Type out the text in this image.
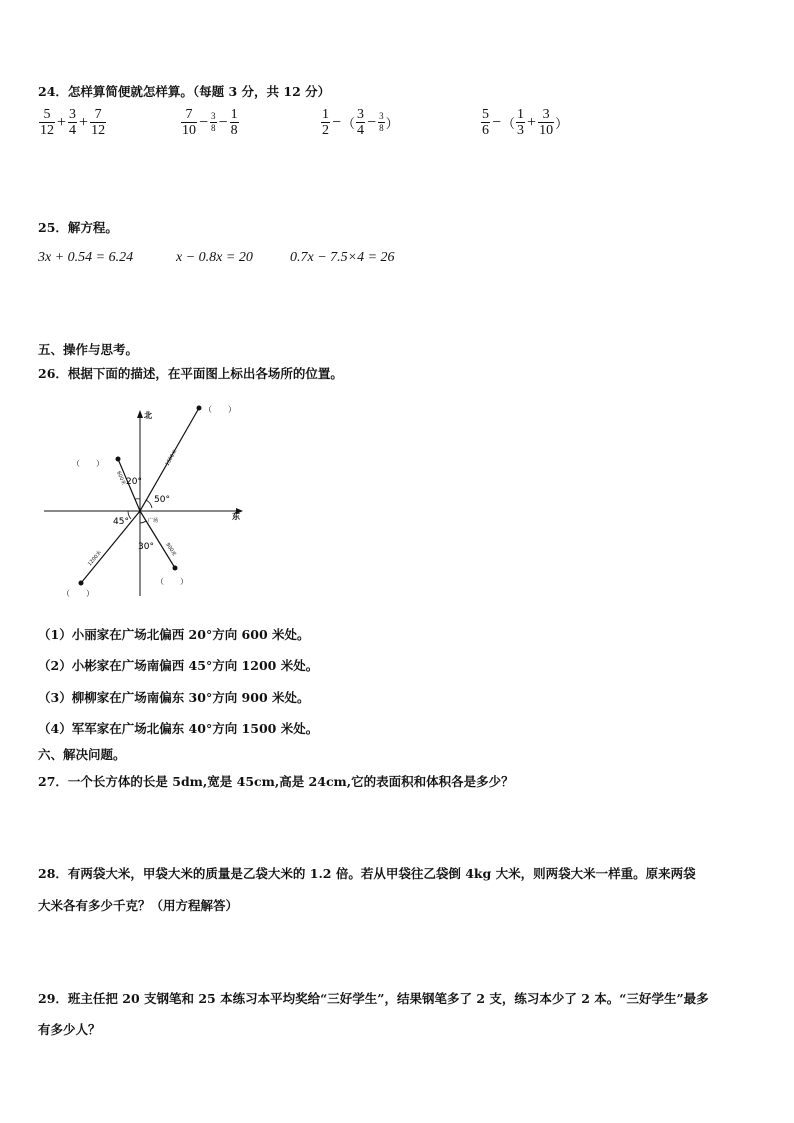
24．怎样算简便就怎样算。（每题 3 分，共 12 分）
$\frac{5}{12} + \frac{3}{4} + \frac{7}{12}$	$\frac{7}{10} - \frac{3}{8} - \frac{1}{8}$	$\frac{1}{2}$ − （ $\frac{3}{4} - \frac{3}{8}$ ）	$\frac{5}{6}$ − （ $\frac{1}{3} + \frac{3}{10}$ ）
25．解方程。
3x + 0.54 = 6.24	x − 0.8x = 20	0.7x − 7.5×4 = 26
五、操作与思考。
26．根据下面的描述，在平面图上标出各场所的位置。
北
东
20°
50°
45°
30°
广场
600米
1500米
1200米
900米
（　　）
（　　）
（　　）
（　　）
（1）小丽家在广场北偏西 20°方向 600 米处。
（2）小彬家在广场南偏西 45°方向 1200 米处。
（3）柳柳家在广场南偏东 30°方向 900 米处。
（4）军军家在广场北偏东 40°方向 1500 米处。
六、解决问题。
27．一个长方体的长是 5dm,宽是 45cm,高是 24cm,它的表面积和体积各是多少？
28．有两袋大米，甲袋大米的质量是乙袋大米的 1.2 倍。若从甲袋往乙袋倒 4kg 大米，则两袋大米一样重。原来两袋
大米各有多少千克？（用方程解答）
29．班主任把 20 支钢笔和 25 本练习本平均奖给“三好学生”，结果钢笔多了 2 支，练习本少了 2 本。“三好学生”最多
有多少人？
